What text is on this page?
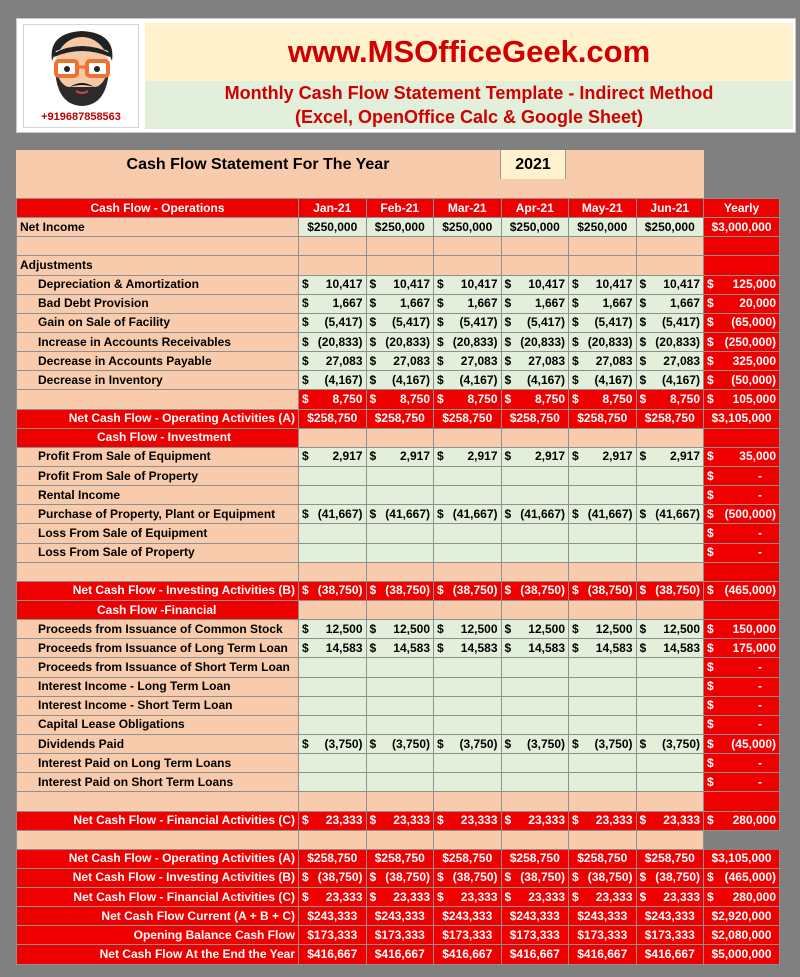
+919687858563
www.MSOfficeGeek.com
Monthly Cash Flow Statement Template - Indirect Method
(Excel, OpenOffice Calc & Google Sheet)
Cash Flow Statement For The Year	2021
Cash Flow - Operations	Jan-21	Feb-21	Mar-21	Apr-21	May-21	Jun-21	Yearly
Net Income	$250,000	$250,000	$250,000	$250,000	$250,000	$250,000	$3,000,000

Adjustments							
Depreciation & Amortization	$ 10,417	$ 10,417	$ 10,417	$ 10,417	$ 10,417	$ 10,417	$ 125,000

Bad Debt Provision	$ 1,667	$ 1,667	$ 1,667	$ 1,667	$ 1,667	$ 1,667	$ 20,000

Gain on Sale of Facility	$ (5,417)	$ (5,417)	$ (5,417)	$ (5,417)	$ (5,417)	$ (5,417)	$ (65,000)

Increase in Accounts Receivables	$ (20,833)	$ (20,833)	$ (20,833)	$ (20,833)	$ (20,833)	$ (20,833)	$ (250,000)

Decrease in Accounts Payable	$ 27,083	$ 27,083	$ 27,083	$ 27,083	$ 27,083	$ 27,083	$ 325,000

Decrease in Inventory	$ (4,167)	$ (4,167)	$ (4,167)	$ (4,167)	$ (4,167)	$ (4,167)	$ (50,000)

	$ 8,750	$ 8,750	$ 8,750	$ 8,750	$ 8,750	$ 8,750	$ 105,000

Net Cash Flow - Operating Activities (A)	$258,750	$258,750	$258,750	$258,750	$258,750	$258,750	$3,105,000
Cash Flow - Investment							
Profit From Sale of Equipment	$ 2,917	$ 2,917	$ 2,917	$ 2,917	$ 2,917	$ 2,917	$ 35,000

Profit From Sale of Property							$ -

Rental Income							$ -

Purchase of Property, Plant or Equipment	$ (41,667)	$ (41,667)	$ (41,667)	$ (41,667)	$ (41,667)	$ (41,667)	$ (500,000)

Loss From Sale of Equipment							$ -

Loss From Sale of Property							$ -

Net Cash Flow - Investing Activities (B)	$ (38,750)	$ (38,750)	$ (38,750)	$ (38,750)	$ (38,750)	$ (38,750)	$ (465,000)

Cash Flow -Financial							
Proceeds from Issuance of Common Stock	$ 12,500	$ 12,500	$ 12,500	$ 12,500	$ 12,500	$ 12,500	$ 150,000

Proceeds from Issuance of Long Term Loan	$ 14,583	$ 14,583	$ 14,583	$ 14,583	$ 14,583	$ 14,583	$ 175,000

Proceeds from Issuance of Short Term Loan							$ -

Interest Income - Long Term Loan							$ -

Interest Income - Short Term Loan							$ -

Capital Lease Obligations							$ -

Dividends Paid	$ (3,750)	$ (3,750)	$ (3,750)	$ (3,750)	$ (3,750)	$ (3,750)	$ (45,000)

Interest Paid on Long Term Loans							$ -

Interest Paid on Short Term Loans							$ -

Net Cash Flow - Financial Activities (C)	$ 23,333	$ 23,333	$ 23,333	$ 23,333	$ 23,333	$ 23,333	$ 280,000

Net Cash Flow - Operating Activities (A)	$258,750	$258,750	$258,750	$258,750	$258,750	$258,750	$3,105,000
Net Cash Flow - Investing Activities (B)	$ (38,750)	$ (38,750)	$ (38,750)	$ (38,750)	$ (38,750)	$ (38,750)	$ (465,000)

Net Cash Flow - Financial Activities (C)	$ 23,333	$ 23,333	$ 23,333	$ 23,333	$ 23,333	$ 23,333	$ 280,000

Net Cash Flow Current (A + B + C)	$243,333	$243,333	$243,333	$243,333	$243,333	$243,333	$2,920,000
Opening Balance Cash Flow	$173,333	$173,333	$173,333	$173,333	$173,333	$173,333	$2,080,000
Net Cash Flow At the End the Year	$416,667	$416,667	$416,667	$416,667	$416,667	$416,667	$5,000,000
